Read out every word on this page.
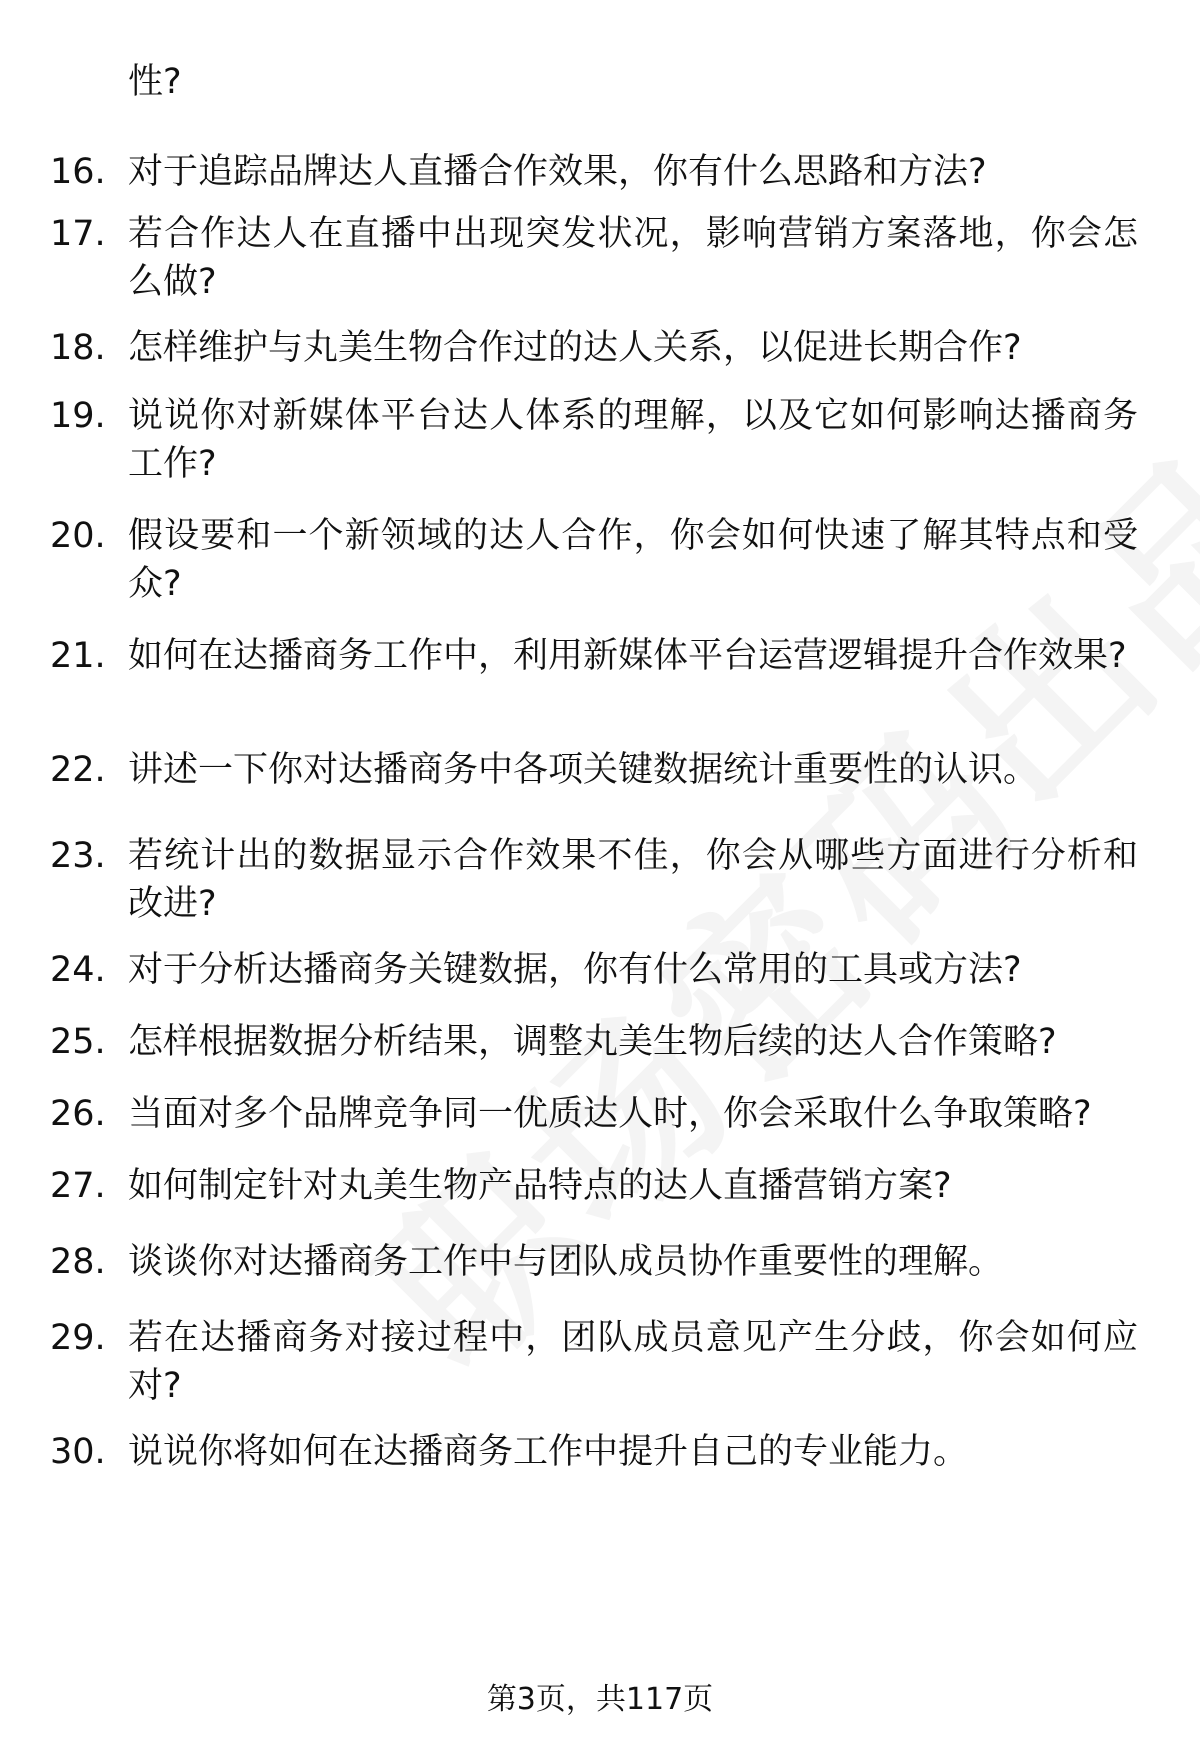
性?
16. 对于追踪品牌达人直播合作效果，你有什么思路和方法?
17. 若合作达人在直播中出现突发状况，影响营销方案落地，你会怎么做?
18. 怎样维护与丸美生物合作过的达人关系，以促进长期合作?
19. 说说你对新媒体平台达人体系的理解，以及它如何影响达播商务工作?
20. 假设要和一个新领域的达人合作，你会如何快速了解其特点和受众?
21. 如何在达播商务工作中，利用新媒体平台运营逻辑提升合作效果?
22. 讲述一下你对达播商务中各项关键数据统计重要性的认识。
23. 若统计出的数据显示合作效果不佳，你会从哪些方面进行分析和改进?
24. 对于分析达播商务关键数据，你有什么常用的工具或方法?
25. 怎样根据数据分析结果，调整丸美生物后续的达人合作策略?
26. 当面对多个品牌竞争同一优质达人时，你会采取什么争取策略?
27. 如何制定针对丸美生物产品特点的达人直播营销方案?
28. 谈谈你对达播商务工作中与团队成员协作重要性的理解。
29. 若在达播商务对接过程中，团队成员意见产生分歧，你会如何应对?
30. 说说你将如何在达播商务工作中提升自己的专业能力。
第3页，共117页
